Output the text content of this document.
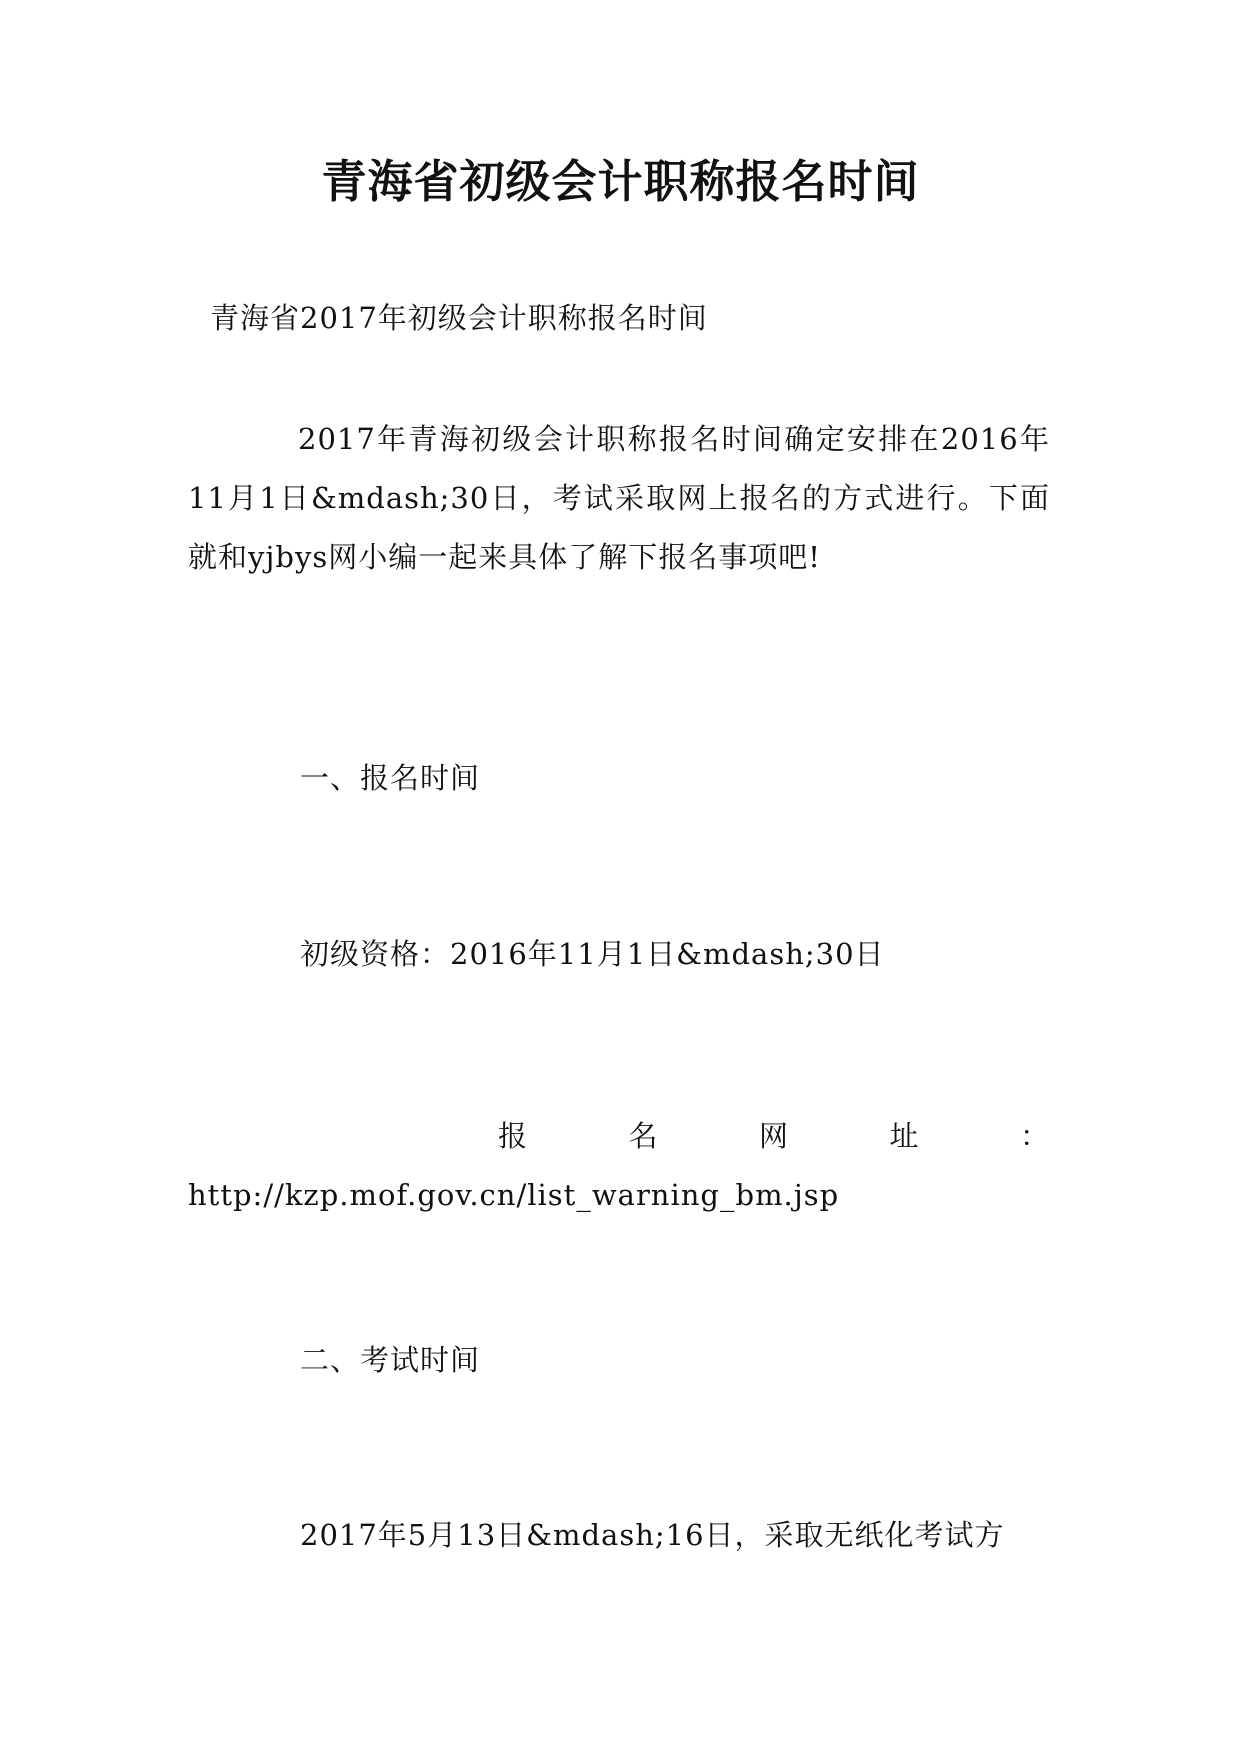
青海省初级会计职称报名时间
青海省2017年初级会计职称报名时间
2017年青海初级会计职称报名时间确定安排在2016年11月1日&mdash;30日，考试采取网上报名的方式进行。下面就和yjbys网小编一起来具体了解下报名事项吧!
一、报名时间
初级资格：2016年11月1日&mdash;30日
报	名	网	址	：
http://kzp.mof.gov.cn/list_warning_bm.jsp
二、考试时间
2017年5月13日&mdash;16日，采取无纸化考试方
